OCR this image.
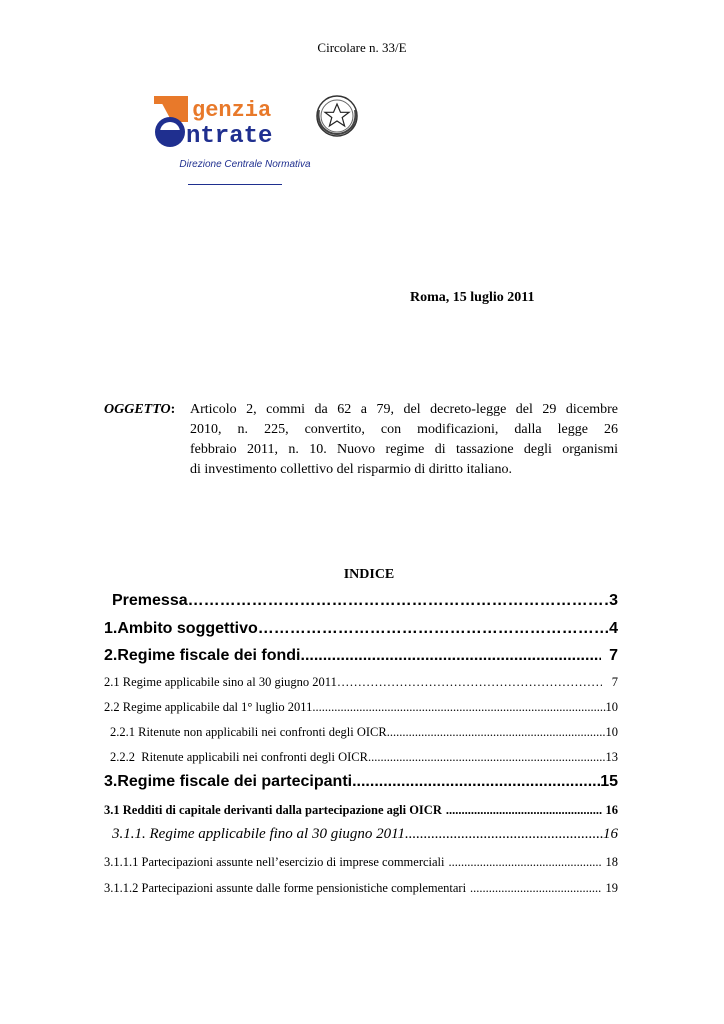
Circolare n. 33/E
genzia
ntrate
Direzione Centrale Normativa
Roma, 15 luglio 2011
OGGETTO: Articolo 2, commi da 62 a 79, del decreto-legge del 29 dicembre
2010, n. 225, convertito, con modificazioni, dalla legge 26
febbraio 2011, n. 10. Nuovo regime di tassazione degli organismi
di investimento collettivo del risparmio di diritto italiano.
INDICE
Premessa ………………………………………………………………………………………………………………………………………………………………………………………………	3
1.Ambito soggettivo ………………………………………………………………………………………………………………………………………………………………………………………………	4
2.Regime fiscale dei fondi .....	7
2.1 Regime applicabile sino al 30 giugno 2011 ………………………………………………………………………………………………………………………………………………………………………………………………	7
2.2 Regime applicabile dal 1° luglio 2011 .....	10
2.2.1 Ritenute non applicabili nei confronti degli OICR .....	10
2.2.2  Ritenute applicabili nei confronti degli OICR .....	13
3.Regime fiscale dei partecipanti .....	15
3.1 Redditi di capitale derivanti dalla partecipazione agli OICR .....	16
3.1.1. Regime applicabile fino al 30 giugno 2011 .....	16
3.1.1.1 Partecipazioni assunte nell’esercizio di imprese commerciali .....	18
3.1.1.2 Partecipazioni assunte dalle forme pensionistiche complementari .....	19
